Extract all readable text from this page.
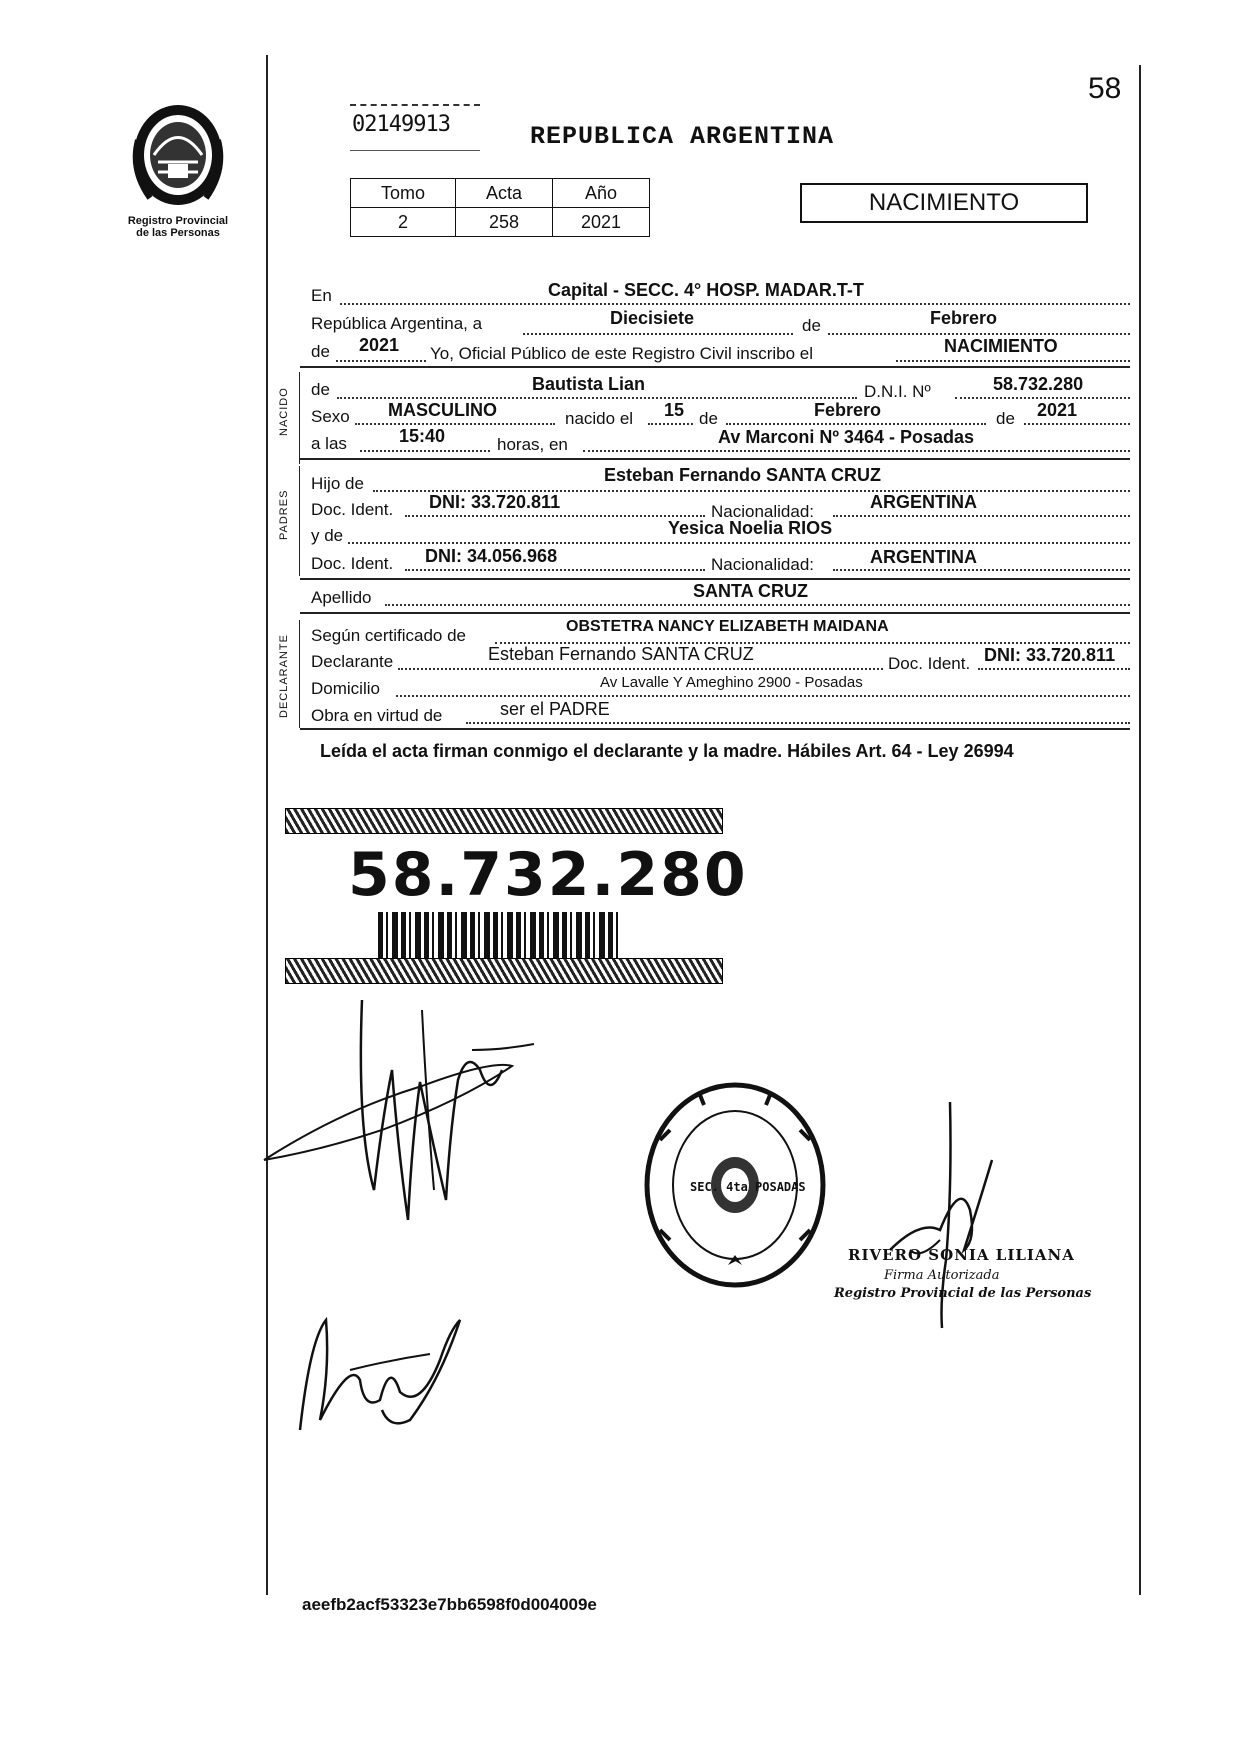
58
Registro Provincial
de las Personas
02149913	REPUBLICA ARGENTINA
Tomo	Acta	Año
2	258	2021
NACIMIENTO
En	Capital - SECC. 4° HOSP. MADAR.T-T
República Argentina, a	Diecisiete	de	Febrero
de 2021 Yo, Oficial Público de este Registro Civil inscribo el	NACIMIENTO
NACIDO de	Bautista Lian	D.N.I. Nº	58.732.280
Sexo MASCULINO	nacido el 15 de	Febrero	de 2021
a las	15:40	horas, en	Av Marconi Nº 3464 - Posadas
PADRES
Hijo de	Esteban Fernando SANTA CRUZ
Doc. Ident. DNI: 33.720.811	Nacionalidad:	ARGENTINA
y de	Yesica Noelia RIOS
Doc. Ident. DNI: 34.056.968	Nacionalidad:	ARGENTINA
Apellido	SANTA CRUZ
DECLARANTE Según certificado de	OBSTETRA NANCY ELIZABETH MAIDANA
Declarante	Esteban Fernando SANTA CRUZ	Doc. Ident. DNI: 33.720.811
Domicilio	Av Lavalle Y Ameghino 2900 - Posadas
Obra en virtud de	ser el PADRE
Leída el acta firman conmigo el declarante y la madre. Hábiles Art. 64 - Ley 26994
58.732.280
SEC. 4ta POSADAS
RIVERO SONIA LILIANA
Firma Autorizada
Registro Provincial de las Personas
aeefb2acf53323e7bb6598f0d004009e
